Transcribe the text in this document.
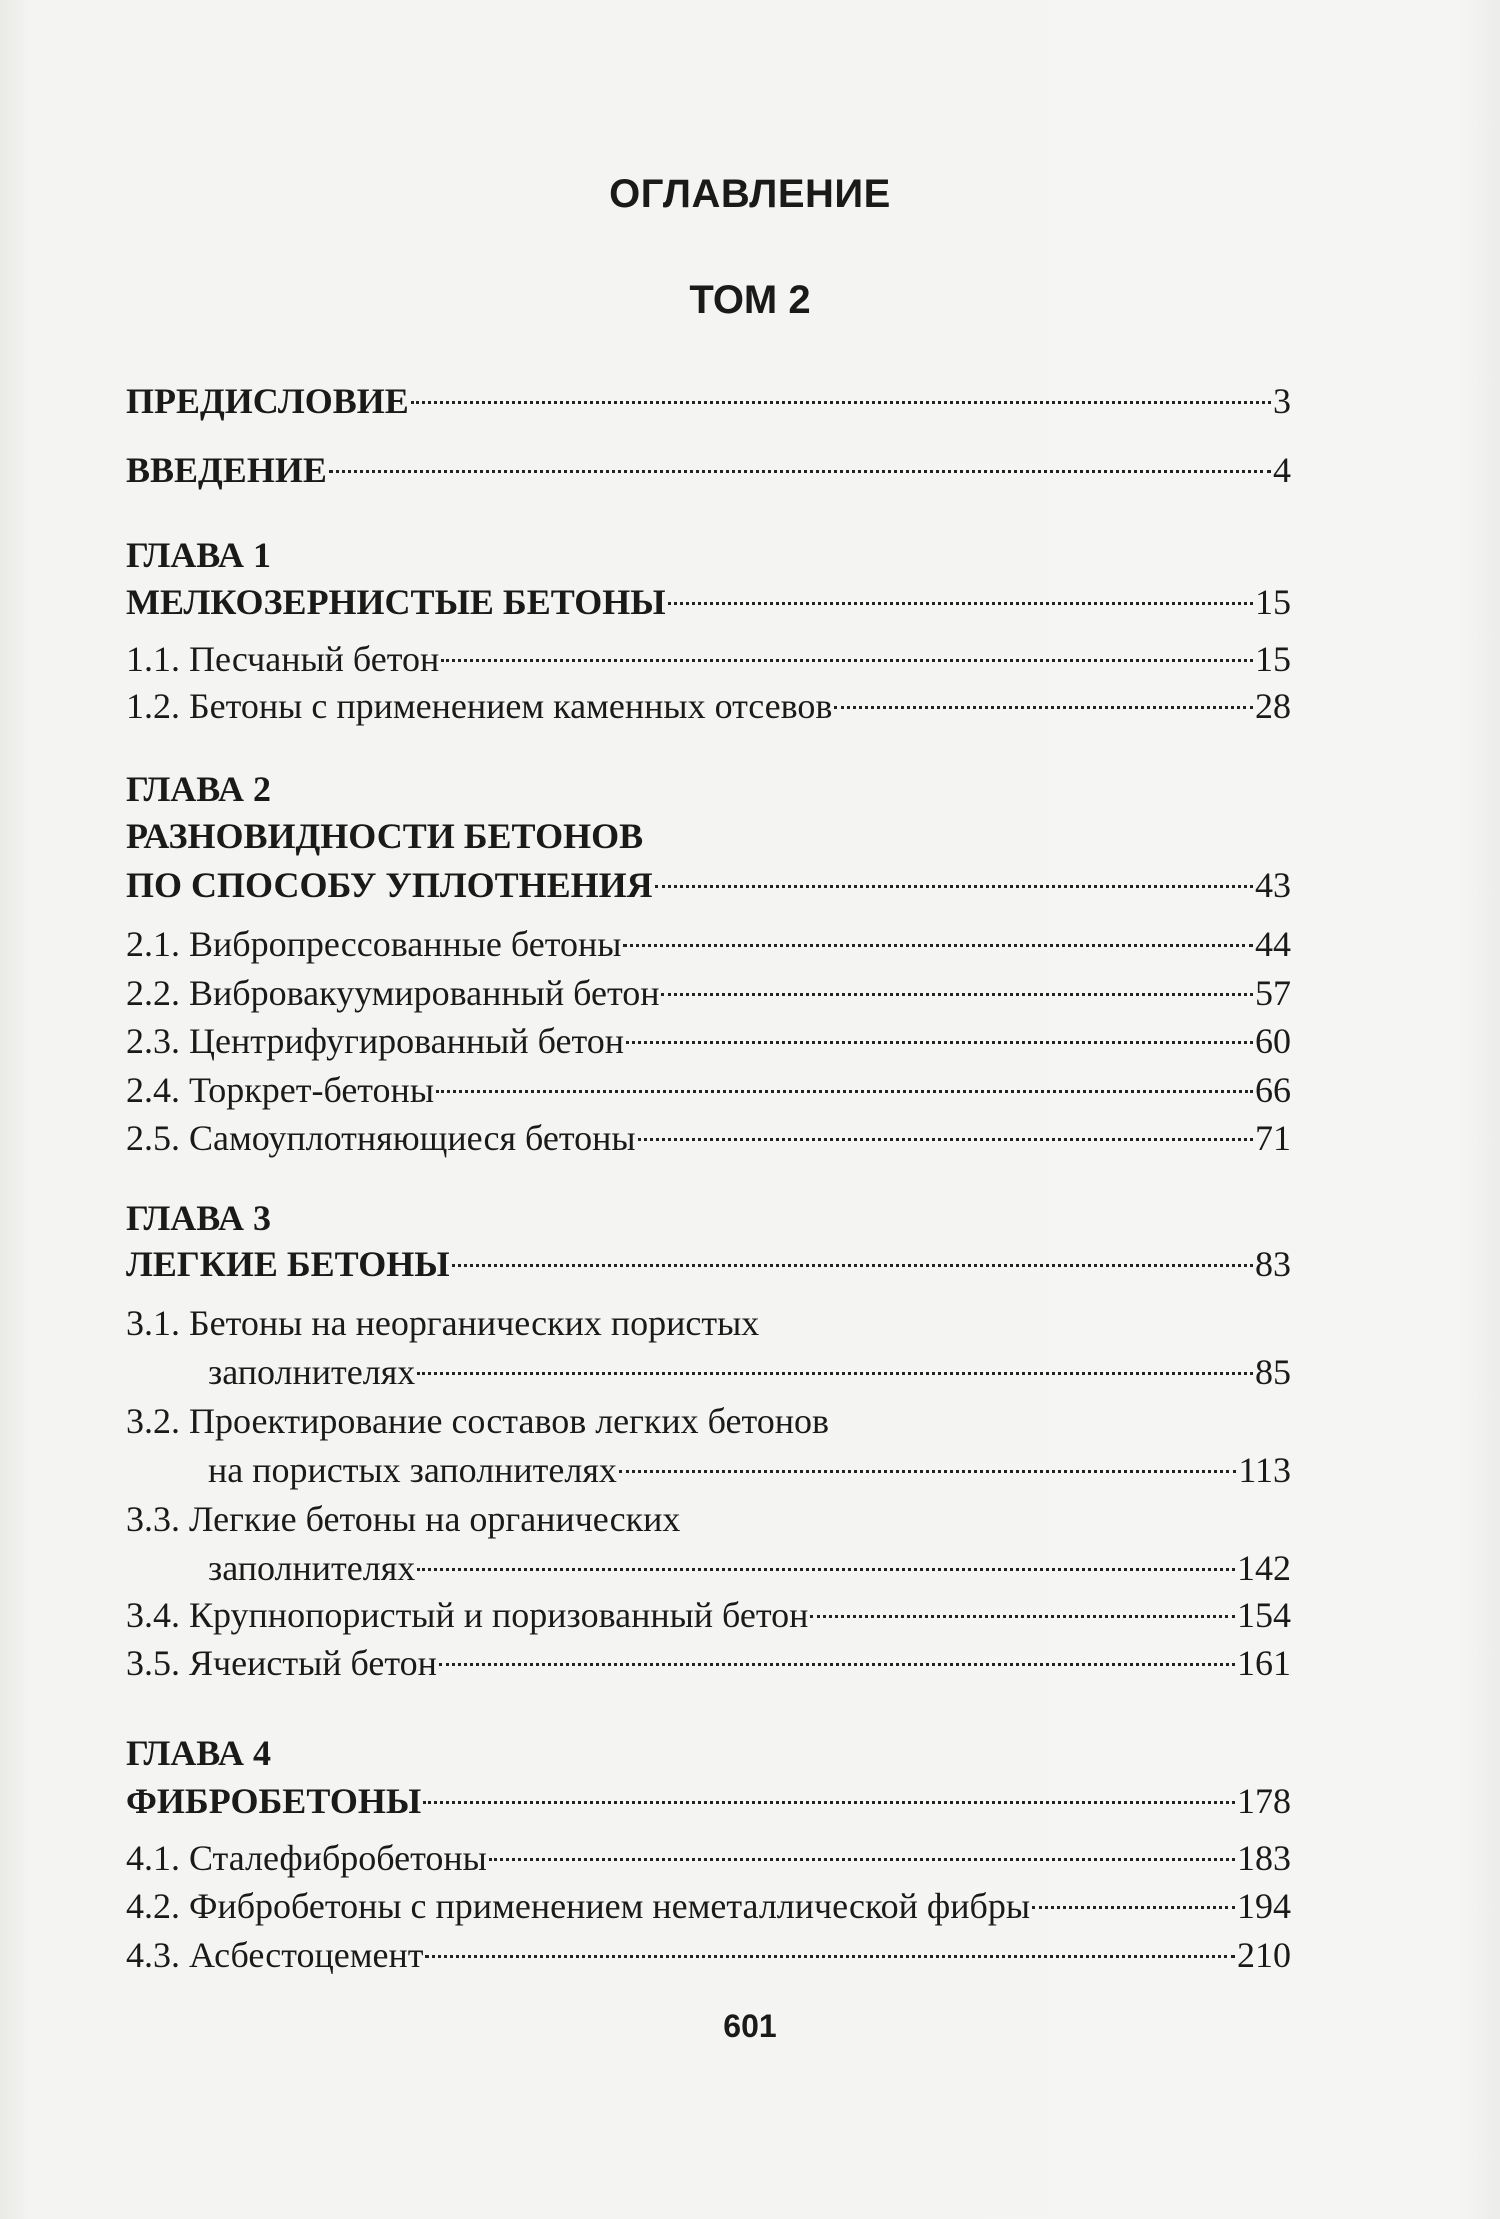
ОГЛАВЛЕНИЕ
ТОМ 2
ПРЕДИСЛОВИЕ	3
ВВЕДЕНИЕ	4
ГЛАВА 1
МЕЛКОЗЕРНИСТЫЕ БЕТОНЫ	15
1.1. Песчаный бетон	15
1.2. Бетоны с применением каменных отсевов	28
ГЛАВА 2
РАЗНОВИДНОСТИ БЕТОНОВ
ПО СПОСОБУ УПЛОТНЕНИЯ	43
2.1. Вибропрессованные бетоны	44
2.2. Вибровакуумированный бетон	57
2.3. Центрифугированный бетон	60
2.4. Торкрет-бетоны	66
2.5. Самоуплотняющиеся бетоны	71
ГЛАВА 3
ЛЕГКИЕ БЕТОНЫ	83
3.1. Бетоны на неорганических пористых
заполнителях	85
3.2. Проектирование составов легких бетонов
на пористых заполнителях	113
3.3. Легкие бетоны на органических
заполнителях	142
3.4. Крупнопористый и поризованный бетон	154
3.5. Ячеистый бетон	161
ГЛАВА 4
ФИБРОБЕТОНЫ	178
4.1. Сталефибробетоны	183
4.2. Фибробетоны с применением неметаллической фибры	194
4.3. Асбестоцемент	210
601
